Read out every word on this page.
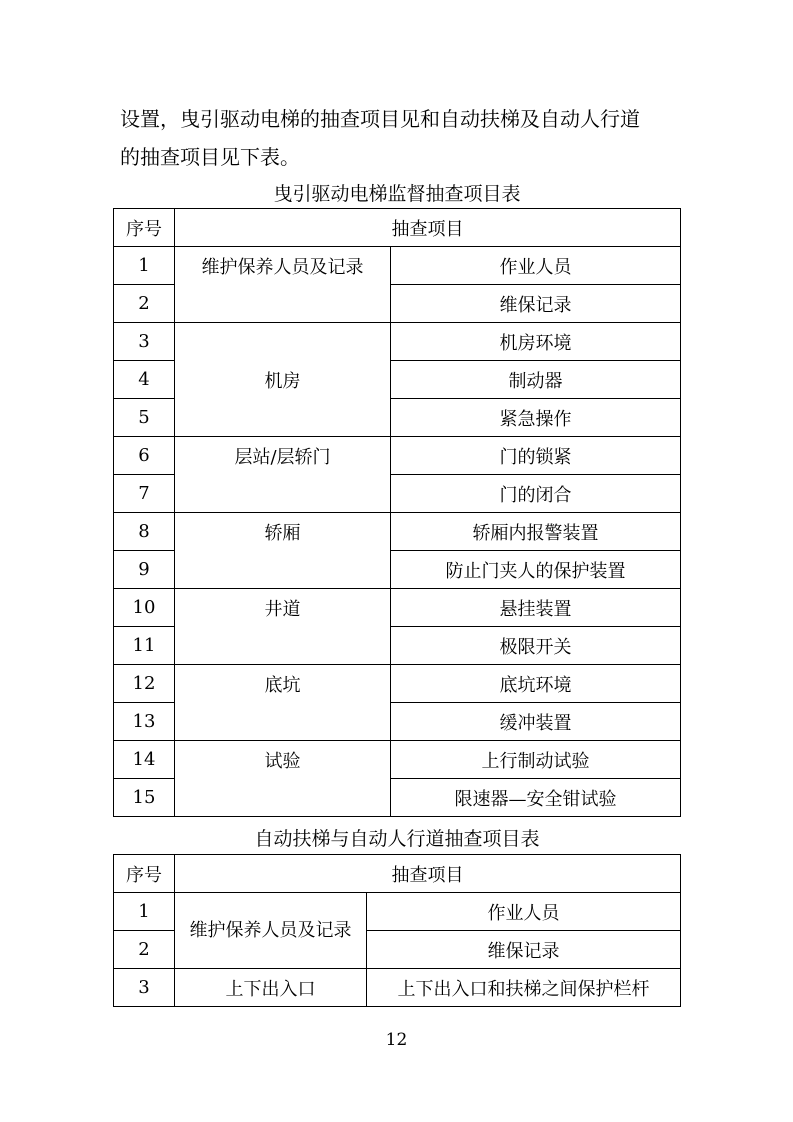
设置，曳引驱动电梯的抽查项目见和自动扶梯及自动人行道

的抽查项目见下表。

曳引驱动电梯监督抽查项目表
序号	抽查项目	
1	维护保养人员及记录	作业人员
2		维保记录
3	机房	机房环境
4		制动器
5		紧急操作
6	层站/层轿门	门的锁紧
7		门的闭合
8	轿厢	轿厢内报警装置
9		防止门夹人的保护装置
10	井道	悬挂装置
11		极限开关
12	底坑	底坑环境
13		缓冲装置
14	试验	上行制动试验
15		限速器—安全钳试验
自动扶梯与自动人行道抽查项目表
序号	抽查项目	
1	维护保养人员及记录	作业人员
2		维保记录
3	上下出入口	上下出入口和扶梯之间保护栏杆
12
